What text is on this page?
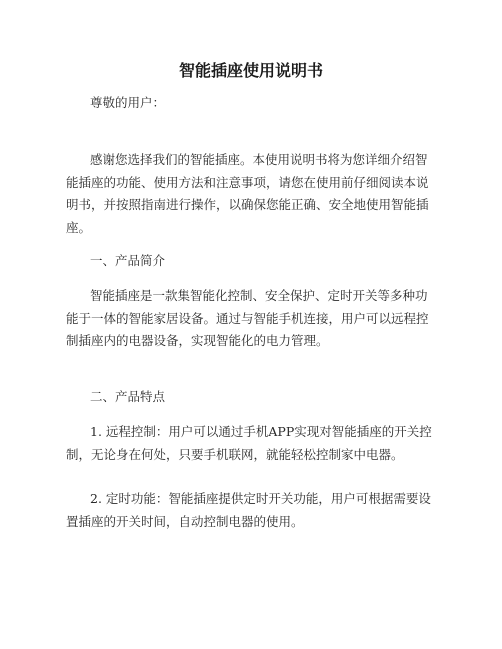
智能插座使用说明书

尊敬的用户：

感谢您选择我们的智能插座。本使用说明书将为您详细介绍智能插座的功能、使用方法和注意事项，请您在使用前仔细阅读本说明书，并按照指南进行操作，以确保您能正确、安全地使用智能插座。

一、产品简介

智能插座是一款集智能化控制、安全保护、定时开关等多种功能于一体的智能家居设备。通过与智能手机连接，用户可以远程控制插座内的电器设备，实现智能化的电力管理。

二、产品特点

1. 远程控制：用户可以通过手机APP实现对智能插座的开关控制，无论身在何处，只要手机联网，就能轻松控制家中电器。

2. 定时功能：智能插座提供定时开关功能，用户可根据需要设置插座的开关时间，自动控制电器的使用。
